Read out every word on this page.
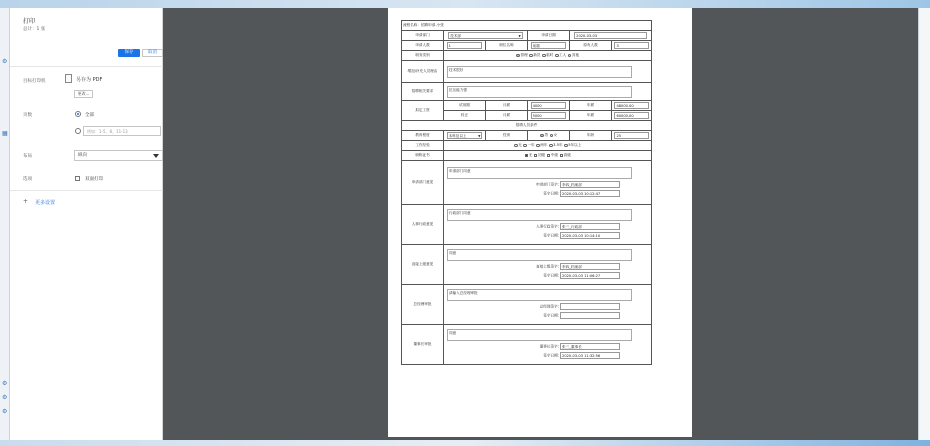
⚙
▦
⚙
⚙
⚙
打印
总计：1 张
保存	取消
目标打印机	另存为 PDF
更改...
页数	全部
例如：1-5、8、11-13
布局	纵向
选项	双面打印
+ 更多设置
流程名称：招聘申请-小张					
申请部门	技术部 ▼		申请日期	2020-03-03	
申请人数	1	职位名称	前端	原有人数	3
职务类别	管理 新员 临时 工人 其他				
增加/补充人员理由	技术很好				

招聘相关要求	抗压能力强				

拟定工资	试用期	月薪	4000	年薪	48000.00
	转正	月薪	5000	年薪	60000.00
招聘人员条件					
教育程度	本科及以上 ▼	性别	男 女	年龄	25
工作经验	无 一年 两年 3-5年 5年以上				
职称证书	无 初级 中级 高级				
申请部门意见	申请部门同意
申请部门签字: 李四_档案部
签字日期: 2020-03-03 10:12:47				

人事行政意见	行政部门同意
人事行政签字: 张三_行政部
签字日期: 2020-03-03 10:14:10				

直接上级意见	同意
直接上级签字: 李四_档案部
签字日期: 2020-03-03 11:06:27				

总经理审批	请输入总经理审批
总经理签字:
签字日期:				

董事长审批	同意
董事长签字: 张三_董事长
签字日期: 2020-03-03 11:32:56				
